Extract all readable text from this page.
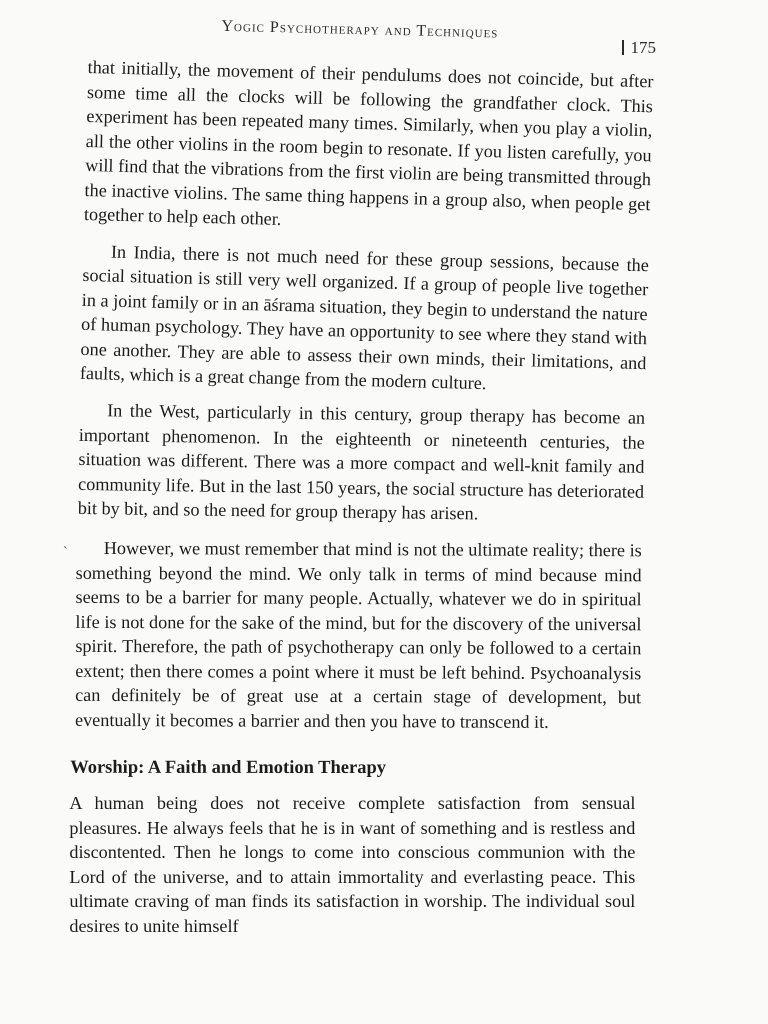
Yogic Psychotherapy and Techniques
175
`

that initially, the movement of their pendulums does not coincide, but after some time all the clocks will be following the grandfather clock. This experiment has been repeated many times. Similarly, when you play a violin, all the other violins in the room begin to resonate. If you listen carefully, you will find that the vibrations from the first violin are being transmitted through the inactive violins. The same thing happens in a group also, when people get together to help each other.

In India, there is not much need for these group sessions, because the social situation is still very well organized. If a group of people live together in a joint family or in an āśrama situation, they begin to understand the nature of human psychology. They have an opportunity to see where they stand with one another. They are able to assess their own minds, their limitations, and faults, which is a great change from the modern culture.

In the West, particularly in this century, group therapy has become an important phenomenon. In the eighteenth or nineteenth centuries, the situation was different. There was a more compact and well-knit family and community life. But in the last 150 years, the social structure has deteriorated bit by bit, and so the need for group therapy has arisen.

However, we must remember that mind is not the ultimate reality; there is something beyond the mind. We only talk in terms of mind because mind seems to be a barrier for many people. Actually, whatever we do in spiritual life is not done for the sake of the mind, but for the discovery of the universal spirit. Therefore, the path of psychotherapy can only be followed to a certain extent; then there comes a point where it must be left behind. Psychoanalysis can definitely be of great use at a certain stage of development, but eventually it becomes a barrier and then you have to transcend it.

Worship: A Faith and Emotion Therapy

A human being does not receive complete satisfaction from sensual pleasures. He always feels that he is in want of something and is restless and discontented. Then he longs to come into conscious communion with the Lord of the universe, and to attain immortality and everlasting peace. This ultimate craving of man finds its satisfaction in worship. The individual soul desires to unite himself
